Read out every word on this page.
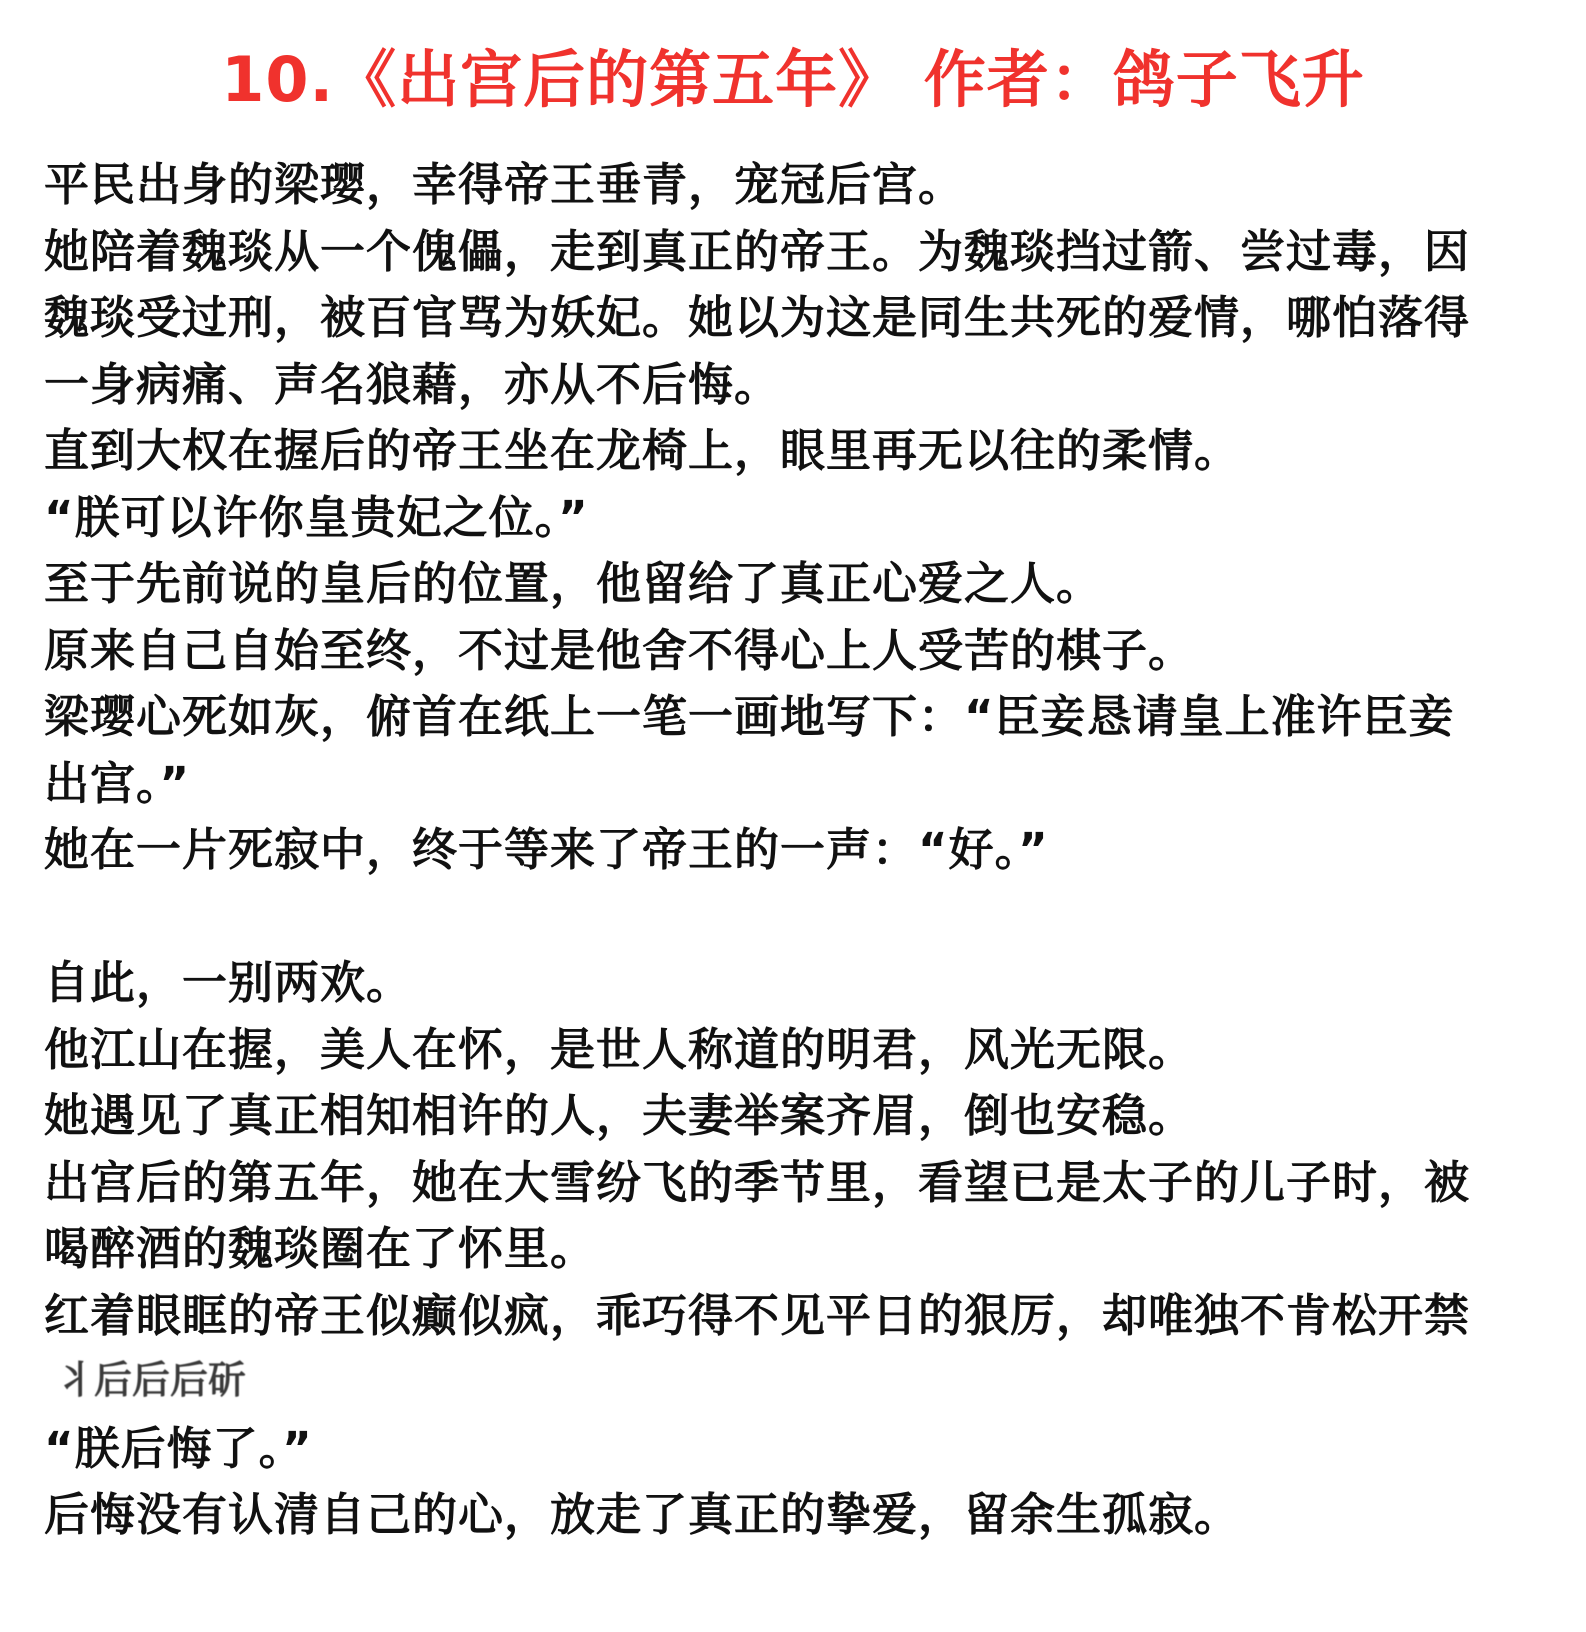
10.《出宫后的第五年》 作者：鸽子飞升
平民出身的梁璎，幸得帝王垂青，宠冠后宫。
她陪着魏琰从一个傀儡，走到真正的帝王。为魏琰挡过箭、尝过毒，因
魏琰受过刑，被百官骂为妖妃。她以为这是同生共死的爱情，哪怕落得
一身病痛、声名狼藉，亦从不后悔。
直到大权在握后的帝王坐在龙椅上，眼里再无以往的柔情。
“朕可以许你皇贵妃之位。”
至于先前说的皇后的位置，他留给了真正心爱之人。
原来自己自始至终，不过是他舍不得心上人受苦的棋子。
梁璎心死如灰，俯首在纸上一笔一画地写下：“臣妾恳请皇上准许臣妾
出宫。”
她在一片死寂中，终于等来了帝王的一声：“好。”
自此，一别两欢。
他江山在握，美人在怀，是世人称道的明君，风光无限。
她遇见了真正相知相许的人，夫妻举案齐眉，倒也安稳。
出宫后的第五年，她在大雪纷飞的季节里，看望已是太子的儿子时，被
喝醉酒的魏琰圈在了怀里。
红着眼眶的帝王似癫似疯，乖巧得不见平日的狠厉，却唯独不肯松开禁
丬后后后斫
“朕后悔了。”
后悔没有认清自己的心，放走了真正的挚爱，留余生孤寂。
